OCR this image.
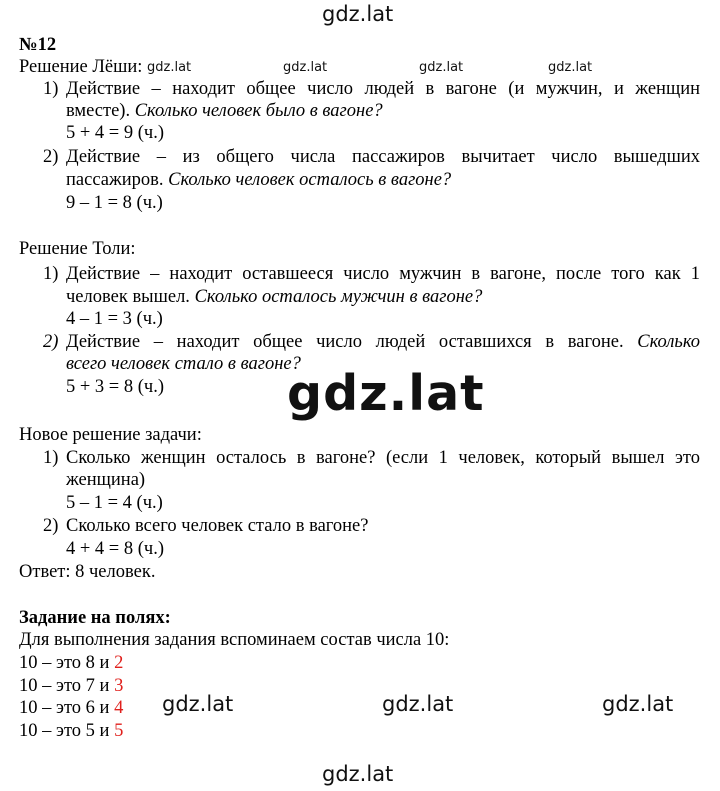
gdz.lat
gdz.lat	gdz.lat	gdz.lat	gdz.lat
№12
Решение Лёши:
1) Действие – находит общее число людей в вагоне (и мужчин, и женщин
вместе). Сколько человек было в вагоне?
5 + 4 = 9 (ч.)
2) Действие – из общего числа пассажиров вычитает число вышедших
пассажиров. Сколько человек осталось в вагоне?
9 – 1 = 8 (ч.)
Решение Толи:
1) Действие – находит оставшееся число мужчин в вагоне, после того как 1
человек вышел. Сколько осталось мужчин в вагоне?
4 – 1 = 3 (ч.)
2) Действие – находит общее число людей оставшихся в вагоне. Сколько
всего человек стало в вагоне?
5 + 3 = 8 (ч.)	gdz.lat
Новое решение задачи:
1) Сколько женщин осталось в вагоне? (если 1 человек, который вышел это
женщина)
5 – 1 = 4 (ч.)
2) Сколько всего человек стало в вагоне?
4 + 4 = 8 (ч.)
Ответ: 8 человек.
Задание на полях:
Для выполнения задания вспоминаем состав числа 10:
10 – это 8 и 2
10 – это 7 и 3
10 – это 6 и 4
10 – это 5 и 5
gdz.lat	gdz.lat	gdz.lat
gdz.lat
